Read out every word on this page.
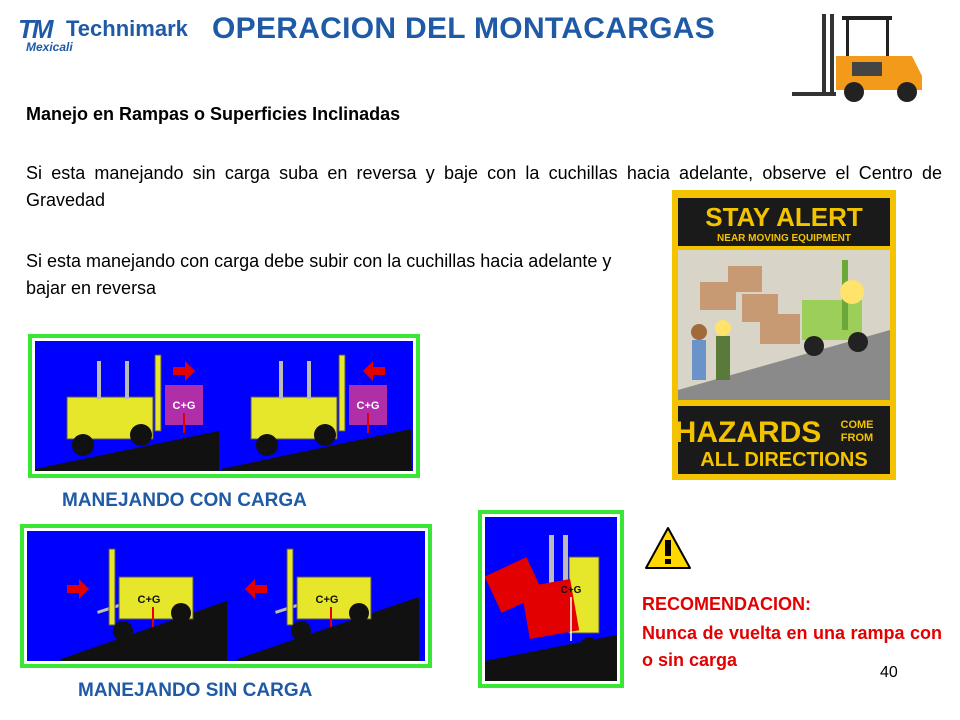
TM Technimark
Mexicali
OPERACION DEL MONTACARGAS
Manejo en Rampas o Superficies Inclinadas
Si esta manejando sin carga suba en reversa y baje con la cuchillas hacia adelante, observe el Centro de Gravedad
Si esta manejando con carga debe subir con la cuchillas hacia adelante y bajar en reversa
STAY ALERT
NEAR MOVING EQUIPMENT
HAZARDS COME
FROM
ALL DIRECTIONS
C+G	C+G
MANEJANDO CON CARGA
C+G	C+G
MANEJANDO SIN CARGA
C+G
RECOMENDACION:
Nunca de vuelta en una rampa con o sin carga
40
